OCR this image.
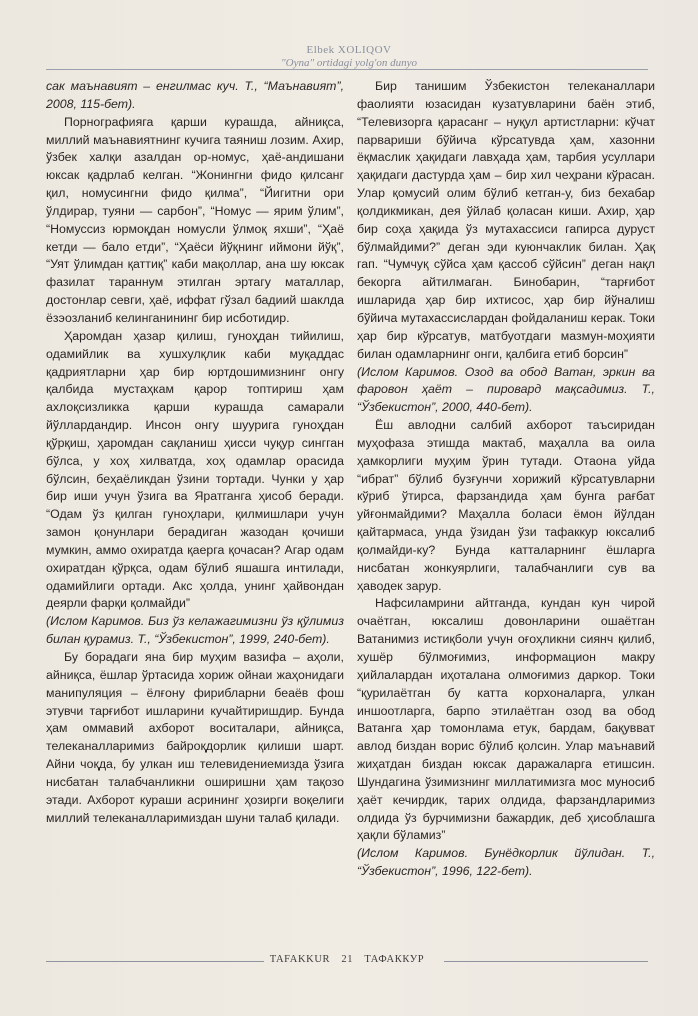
Elbek XOLIQOV
"Oyna" ortidagi yolg'on dunyo

сак маънавият – енгилмас куч. Т., “Маънавият”, 2008, 115-бет).

Порнографияга қарши курашда, айниқса, миллий маънавиятнинг кучига таяниш лозим. Ахир, ўзбек халқи азалдан ор-номус, ҳаё-андишани юксак қадрлаб келган. “Жонингни фидо қилсанг қил, номусингни фидо қилма”, “Йигитни ори ўлдирар, туяни — сарбон”, “Номус — ярим ўлим”, “Номуссиз юрмоқдан номусли ўлмоқ яхши”, “Ҳаё кетди — бало етди”, “Ҳаёси йўқнинг иймони йўқ”, “Уят ўлимдан қаттиқ” каби мақоллар, ана шу юксак фазилат тараннум этилган эртагу маталлар, достонлар севги, ҳаё, иффат гўзал бадиий шаклда ёзэозланиб келинганининг бир исботидир.

Ҳаромдан ҳазар қилиш, гуноҳдан тийилиш, одамийлик ва хушхулқлик каби муқаддас қадриятларни ҳар бир юртдошимизнинг онгу қалбида мустаҳкам қарор топтириш ҳам ахлоқсизликка қарши курашда самарали йўллардандир. Инсон онгу шуурига гуноҳдан қўрқиш, ҳаромдан сақланиш ҳисси чуқур сингган бўлса, у хоҳ хилватда, хоҳ одамлар орасида бўлсин, беҳаёликдан ўзини тортади. Чунки у ҳар бир иши учун ўзига ва Яратганга ҳисоб беради. “Одам ўз қилган гуноҳлари, қилмишлари учун замон қонунлари берадиган жазодан қочиши мумкин, аммо охиратда қаерга қочасан? Агар одам охиратдан қўрқса, одам бўлиб яшашга интилади, одамийлиги ортади. Акс ҳолда, унинг ҳайвондан деярли фарқи қолмайди”

(Ислом Каримов. Биз ўз келажагимизни ўз қўлимиз билан қурамиз. Т., “Ўзбекистон”, 1999, 240-бет).

Бу борадаги яна бир муҳим вазифа – аҳоли, айниқса, ёшлар ўртасида хориж ойнаи жаҳонидаги манипуляция – ёлғону фирибларни беаёв фош этувчи тарғибот ишларини кучайтиришдир. Бунда ҳам оммавий ахборот воситалари, айниқса, телеканалларимиз байроқдорлик қилиши шарт. Айни чоқда, бу улкан иш телевидениемизда ўзига нисбатан талабчанликни оширишни ҳам тақозо этади. Ахборот кураши асрининг ҳозирги воқелиги миллий телеканалларимиздан шуни талаб қилади.

Бир танишим Ўзбекистон телеканаллари фаолияти юзасидан кузатувларини баён этиб, “Телевизорга қарасанг – нуқул артистларни: кўчат парвариши бўйича кўрсатувда ҳам, хазонни ёқмаслик ҳақидаги лавҳада ҳам, тарбия усуллари ҳақидаги дастурда ҳам – бир хил чеҳрани кўрасан. Улар қомусий олим бўлиб кетган-у, биз бехабар қолдикмикан, дея ўйлаб қоласан киши. Ахир, ҳар бир соҳа ҳақида ўз мутахассиси гапирса дуруст бўлмайдими?” деган эди куюнчаклик билан. Ҳақ гап. “Чумчуқ сўйса ҳам қассоб сўйсин” деган нақл бекорга айтилмаган. Бинобарин, “тарғибот ишларида ҳар бир ихтисос, ҳар бир йўналиш бўйича мутахассислардан фойдаланиш керак. Токи ҳар бир кўрсатув, матбуотдаги мазмун-моҳияти билан одамларнинг онги, қалбига етиб борсин”

(Ислом Каримов. Озод ва обод Ватан, эркин ва фаровон ҳаёт – пировард мақсадимиз. Т., “Ўзбекистон”, 2000, 440-бет).

Ёш авлодни салбий ахборот таъсиридан муҳофаза этишда мактаб, маҳалла ва оила ҳамкорлиги муҳим ўрин тутади. Отаона уйда “ибрат” бўлиб бузғунчи хорижий кўрсатувларни кўриб ўтирса, фарзандида ҳам бунга рағбат уйғонмайдими? Маҳалла боласи ёмон йўлдан қайтармаса, унда ўзидан ўзи тафаккур юксалиб қолмайди-ку? Бунда катталарнинг ёшларга нисбатан жонкуярлиги, талабчанлиги сув ва ҳаводек зарур.

Нафсиламрини айтганда, кундан кун чирой очаётган, юксалиш довонларини ошаётган Ватанимиз истиқболи учун оғоҳликни сиянч қилиб, хушёр бўлмоғимиз, информацион макру ҳийлалардан иҳоталана олмоғимиз даркор. Токи “қурилаётган бу катта корхоналарга, улкан иншоотларга, барпо этилаётган озод ва обод Ватанга ҳар томонлама етук, бардам, бақувват авлод биздан ворис бўлиб қолсин. Улар маънавий жиҳатдан биздан юксак даражаларга етишсин. Шундагина ўзимизнинг миллатимизга мос муносиб ҳаёт кечирдик, тарих олдида, фарзандларимиз олдида ўз бурчимизни бажардик, деб ҳисоблашга ҳақли бўламиз”

(Ислом Каримов. Бунёдкорлик йўлидан. Т., “Ўзбекистон”, 1996, 122-бет).

TAFAKKUR 21 ТАФАККУР
